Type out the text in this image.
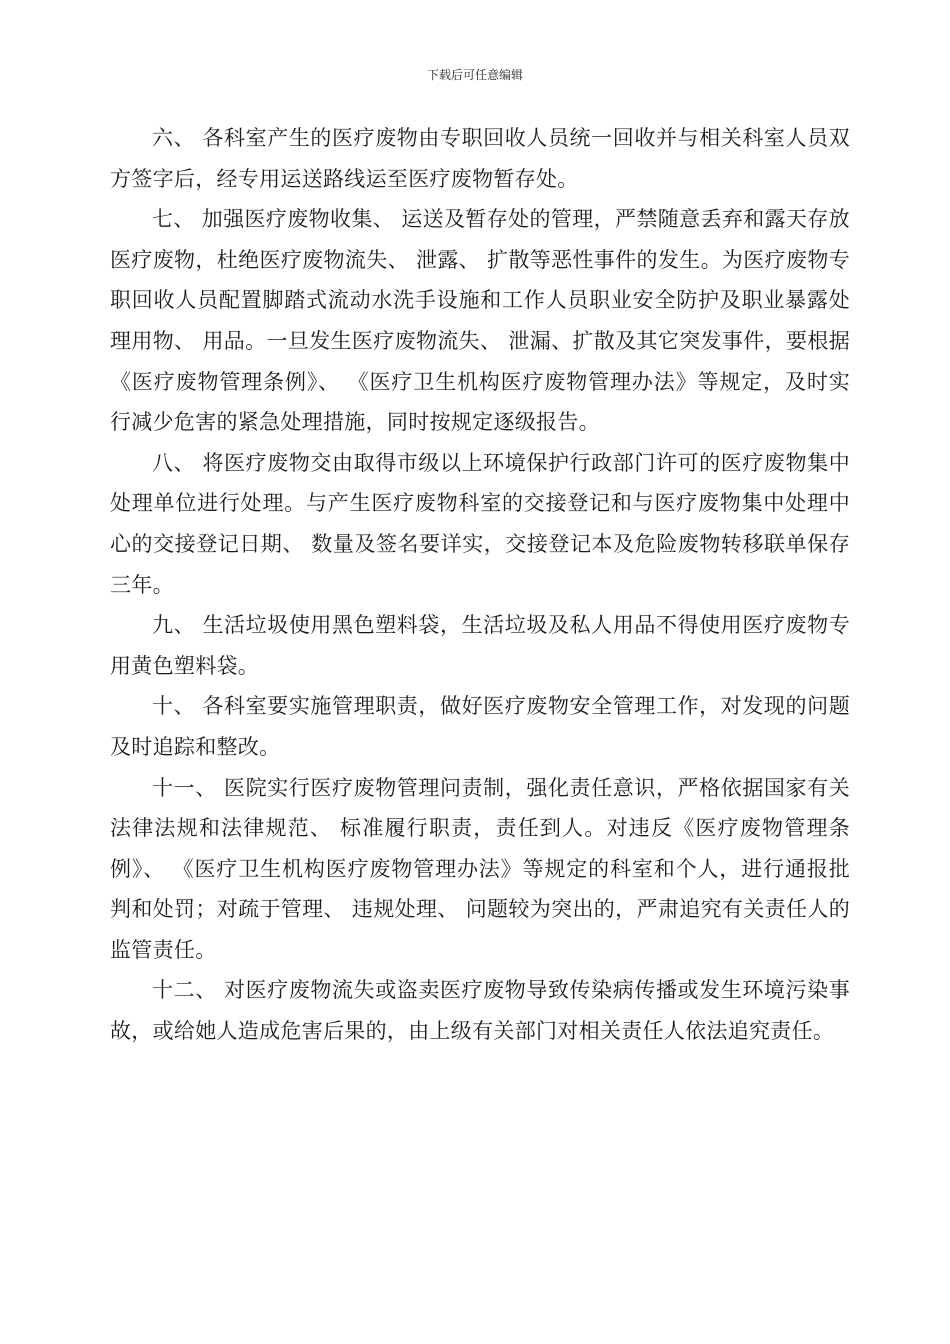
下载后可任意编辑

六、 各科室产生的医疗废物由专职回收人员统一回收并与相关科室人员双方签字后，经专用运送路线运至医疗废物暂存处。

七、 加强医疗废物收集、 运送及暂存处的管理，严禁随意丢弃和露天存放医疗废物，杜绝医疗废物流失、 泄露、 扩散等恶性事件的发生。为医疗废物专职回收人员配置脚踏式流动水洗手设施和工作人员职业安全防护及职业暴露处理用物、 用品。一旦发生医疗废物流失、 泄漏、扩散及其它突发事件，要根据《医疗废物管理条例》、 《医疗卫生机构医疗废物管理办法》等规定，及时实行减少危害的紧急处理措施，同时按规定逐级报告。

八、 将医疗废物交由取得市级以上环境保护行政部门许可的医疗废物集中处理单位进行处理。与产生医疗废物科室的交接登记和与医疗废物集中处理中心的交接登记日期、 数量及签名要详实，交接登记本及危险废物转移联单保存三年。

九、 生活垃圾使用黑色塑料袋，生活垃圾及私人用品不得使用医疗废物专用黄色塑料袋。

十、 各科室要实施管理职责，做好医疗废物安全管理工作，对发现的问题及时追踪和整改。

十一、 医院实行医疗废物管理问责制，强化责任意识，严格依据国家有关法律法规和法律规范、 标准履行职责，责任到人。对违反《医疗废物管理条例》、 《医疗卫生机构医疗废物管理办法》等规定的科室和个人，进行通报批判和处罚；对疏于管理、 违规处理、 问题较为突出的，严肃追究有关责任人的监管责任。

十二、 对医疗废物流失或盗卖医疗废物导致传染病传播或发生环境污染事故，或给她人造成危害后果的，由上级有关部门对相关责任人依法追究责任。
